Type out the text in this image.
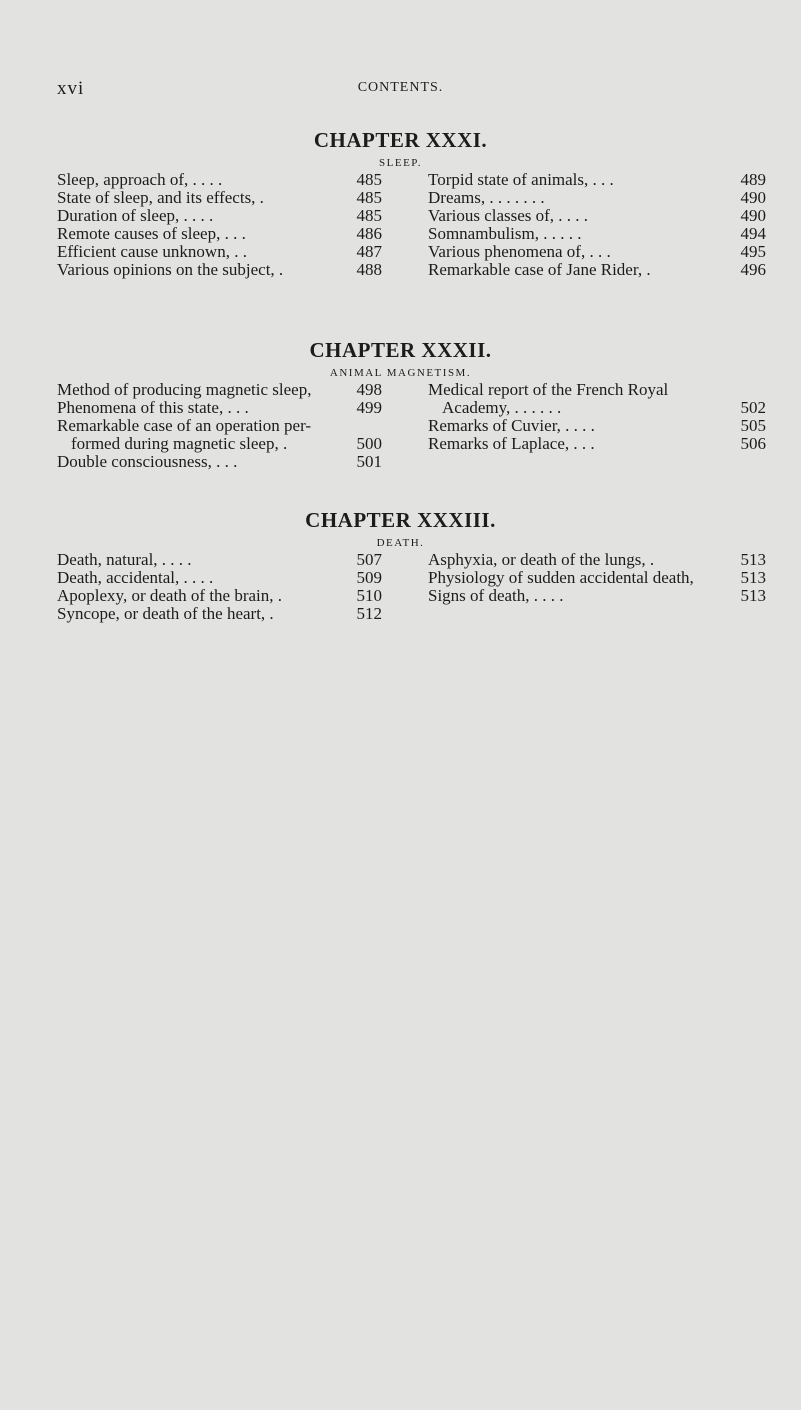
xvi	CONTENTS.
CHAPTER XXXI.
SLEEP.
Sleep, approach of, . . . .	485
State of sleep, and its effects, .	485
Duration of sleep, . . . .	485
Remote causes of sleep, . . .	486
Efficient cause unknown, . .	487
Various opinions on the subject, .	488
Torpid state of animals, . . .	489
Dreams, . . . . . . .	490
Various classes of, . . . .	490
Somnambulism, . . . . .	494
Various phenomena of, . . .	495
Remarkable case of Jane Rider, .	496
CHAPTER XXXII.
ANIMAL MAGNETISM.
Method of producing magnetic sleep,	498
Phenomena of this state, . . .	499
Remarkable case of an operation per-
formed during magnetic sleep, .	500
Double consciousness, . . .	501
Medical report of the French Royal
Academy, . . . . . .	502
Remarks of Cuvier, . . . .	505
Remarks of Laplace, . . .	506
CHAPTER XXXIII.
DEATH.
Death, natural, . . . .	507
Death, accidental, . . . .	509
Apoplexy, or death of the brain, .	510
Syncope, or death of the heart, .	512
Asphyxia, or death of the lungs, .	513
Physiology of sudden accidental death,	513
Signs of death, . . . .	513
